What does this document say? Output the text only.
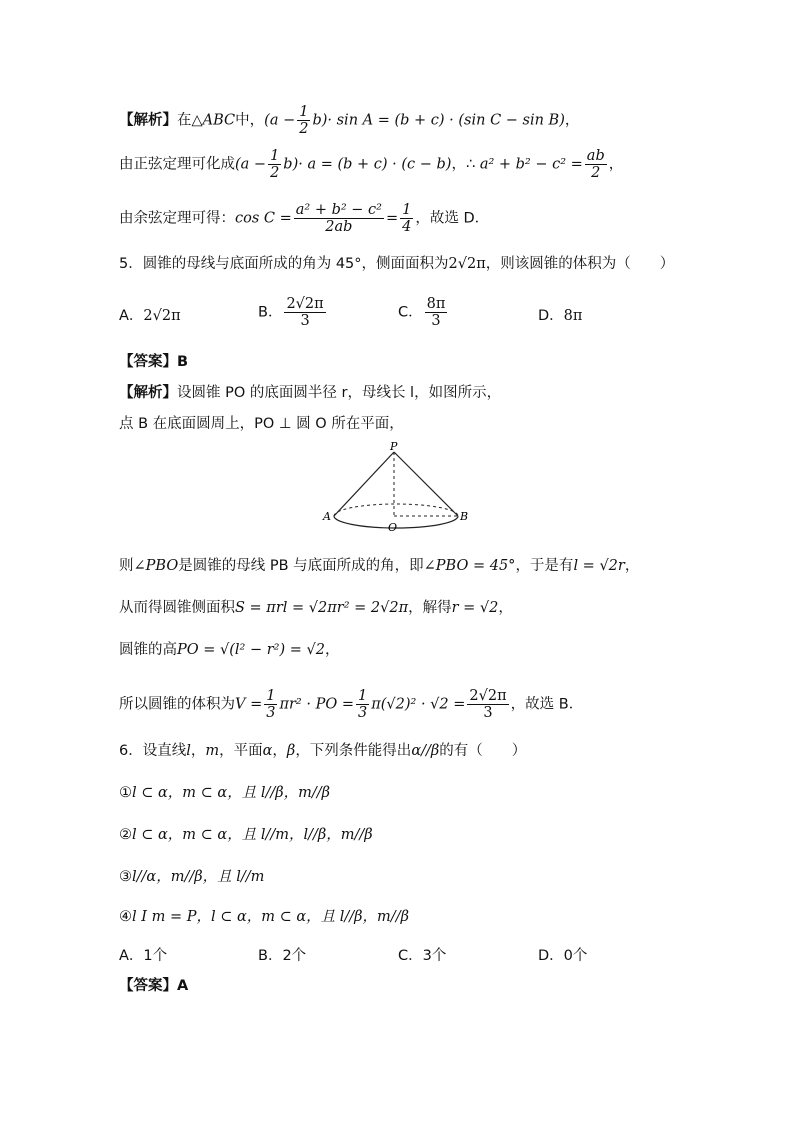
【解析】在△ABC中，$(a - \frac{1}{2} b)\cdot \sin A = (b + c) \cdot (\sin$ C − sin B)，
由正弦定理可化成$(a - \frac{1}{2} b)\cdot a = (b + c) \cdot (c - b)$，∴ $a^2 + b^2 - c^2 = \frac{ab}{2}$ ，
由余弦定理可得：$\cos C = \frac{\text{a² + b² − c²}}{2ab} = \frac{1}{4}$ ，故选 D．
5．圆锥的母线与底面所成的角为 45°，侧面面积为2√2π，则该圆锥的体积为（　　）
A．2√2π	B． $\frac{2√2\pi}{3}$	C． $\frac{8\pi}{3}$	D．8π
【答案】B
【解析】设圆锥 PO 的底面圆半径 r，母线长 l，如图所示，
点 B 在底面圆周上，PO ⊥ 圆 O 所在平面，
P
A
O
B
则∠PBO是圆锥的母线 PB 与底面所成的角，即∠PBO = 45°，于是有l = √2r，
从而得圆锥侧面积S = πrl = √2πr² = 2√2π，解得r = √2，
圆锥的高PO = √(l² − r²) = √2，
所以圆锥的体积为$V = \frac{1}{3} \pi r^2$ · PO = $\frac{1}{3} \pi(√2)^2 \cdot √2 = \frac{2√2\pi}{3}$ ，故选 B．
6．设直线l，m，平面α，β，下列条件能得出α//β的有（　　）
①l ⊂ α，m ⊂ α，且 l//β，m//β
②l ⊂ α，m ⊂ α，且 l//m，l//β，m//β
③l//α，m//β，且 l//m
④l I m = P，l ⊂ α，m ⊂ α，且 l//β，m//β
A．1个	B．2个	C．3个	D．0个
【答案】A
